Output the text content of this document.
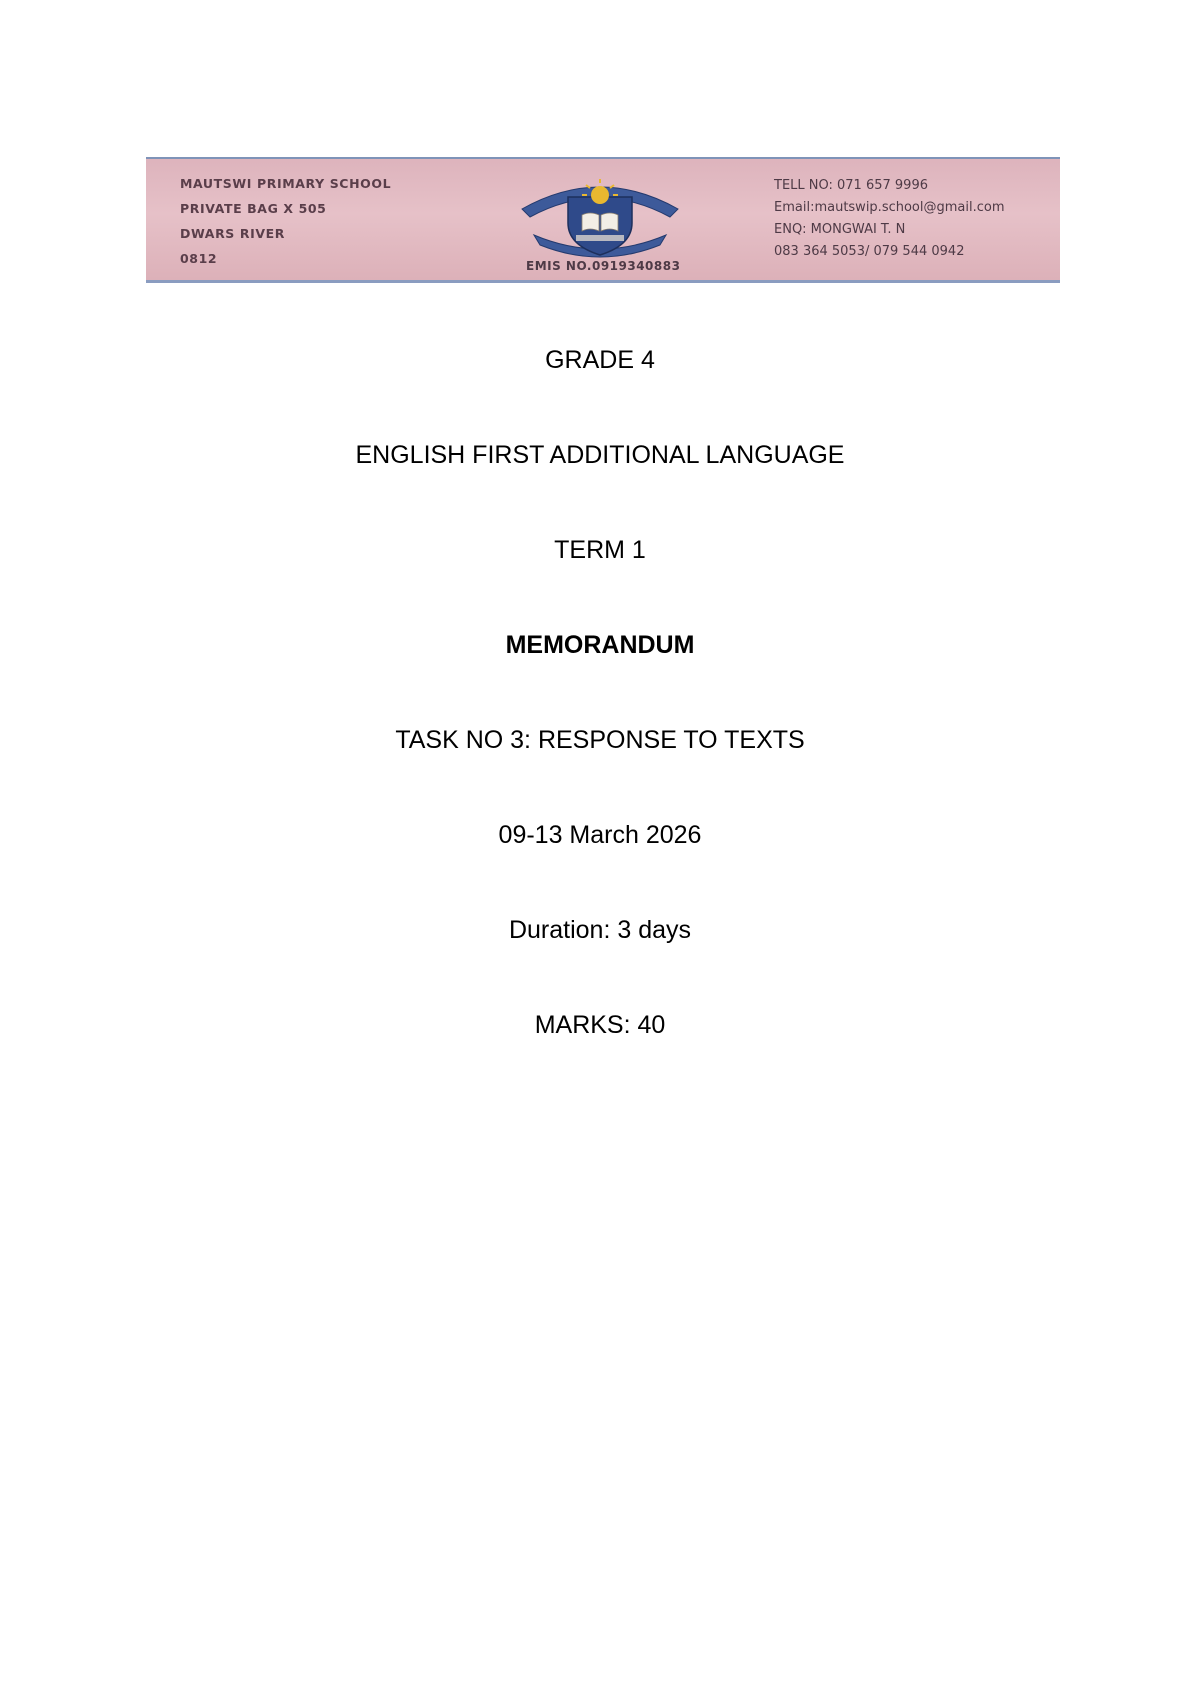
MAUTSWI PRIMARY SCHOOL
PRIVATE BAG X 505
DWARS RIVER
0812
TELL NO: 071 657 9996
Email:mautswip.school@gmail.com
ENQ: MONGWAI T. N
083 364 5053/ 079 544 0942
EMIS NO.0919340883
GRADE 4
ENGLISH FIRST ADDITIONAL LANGUAGE
TERM 1
MEMORANDUM
TASK NO 3: RESPONSE TO TEXTS
09-13 March 2026
Duration: 3 days
MARKS: 40
